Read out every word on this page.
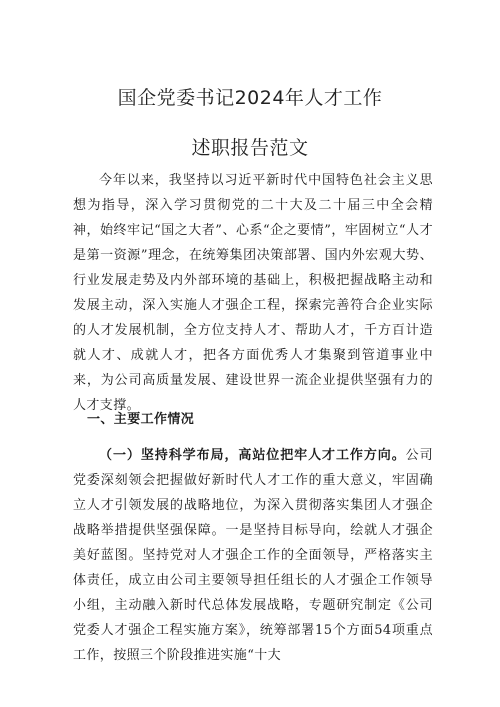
国企党委书记2024年人才工作
述职报告范文
今年以来，我坚持以习近平新时代中国特色社会主义思想为指导，深入学习贯彻党的二十大及二十届三中全会精神，始终牢记“国之大者”、心系“企之要情”，牢固树立“人才是第一资源”理念，在统筹集团决策部署、国内外宏观大势、行业发展走势及内外部环境的基础上，积极把握战略主动和发展主动，深入实施人才强企工程，探索完善符合企业实际的人才发展机制，全方位支持人才、帮助人才，千方百计造就人才、成就人才，把各方面优秀人才集聚到管道事业中来，为公司高质量发展、建设世界一流企业提供坚强有力的人才支撑。
一、主要工作情况
（一）坚持科学布局，高站位把牢人才工作方向。公司党委深刻领会把握做好新时代人才工作的重大意义，牢固确立人才引领发展的战略地位，为深入贯彻落实集团人才强企战略举措提供坚强保障。一是坚持目标导向，绘就人才强企美好蓝图。坚持党对人才强企工作的全面领导，严格落实主体责任，成立由公司主要领导担任组长的人才强企工作领导小组，主动融入新时代总体发展战略，专题研究制定《公司党委人才强企工程实施方案》，统筹部署15个方面54项重点工作，按照三个阶段推进实施“十大
